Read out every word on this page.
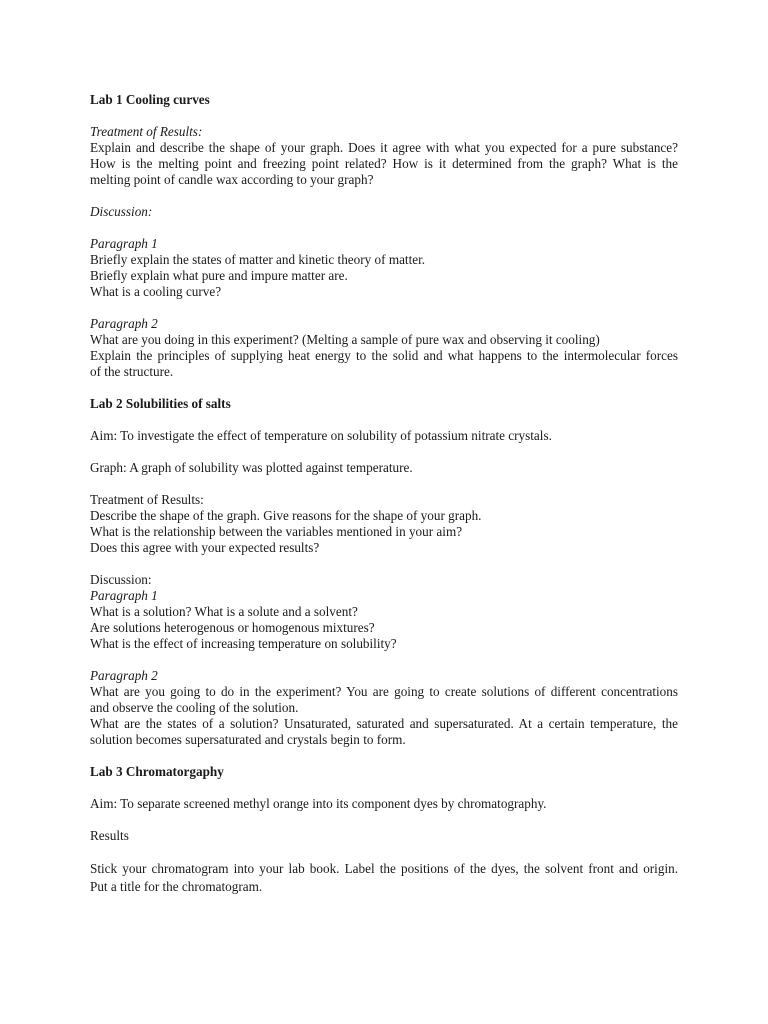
Lab 1 Cooling curves
Treatment of Results:
Explain and describe the shape of your graph. Does it agree with what you expected for a pure substance?
How is the melting point and freezing point related? How is it determined from the graph? What is the
melting point of candle wax according to your graph?
Discussion:
Paragraph 1
Briefly explain the states of matter and kinetic theory of matter.
Briefly explain what pure and impure matter are.
What is a cooling curve?
Paragraph 2
What are you doing in this experiment? (Melting a sample of pure wax and observing it cooling)
Explain the principles of supplying heat energy to the solid and what happens to the intermolecular forces
of the structure.
Lab 2 Solubilities of salts
Aim: To investigate the effect of temperature on solubility of potassium nitrate crystals.
Graph: A graph of solubility was plotted against temperature.
Treatment of Results:
Describe the shape of the graph. Give reasons for the shape of your graph.
What is the relationship between the variables mentioned in your aim?
Does this agree with your expected results?
Discussion:
Paragraph 1
What is a solution? What is a solute and a solvent?
Are solutions heterogenous or homogenous mixtures?
What is the effect of increasing temperature on solubility?
Paragraph 2
What are you going to do in the experiment? You are going to create solutions of different concentrations
and observe the cooling of the solution.
What are the states of a solution? Unsaturated, saturated and supersaturated. At a certain temperature, the
solution becomes supersaturated and crystals begin to form.
Lab 3 Chromatorgaphy
Aim: To separate screened methyl orange into its component dyes by chromatography.
Results
Stick your chromatogram into your lab book. Label the positions of the dyes, the solvent front and origin.
Put a title for the chromatogram.
